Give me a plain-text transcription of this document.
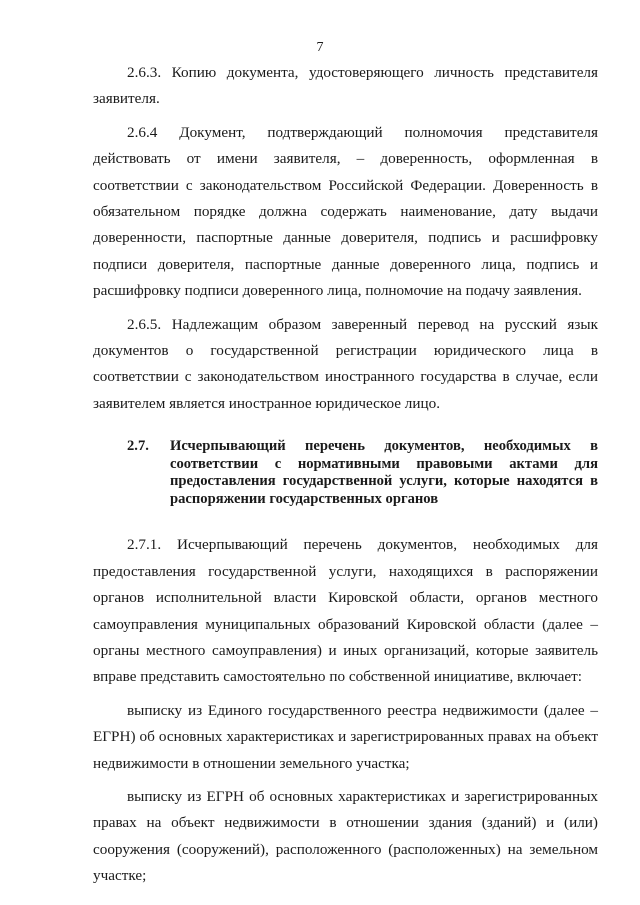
7

2.6.3. Копию документа, удостоверяющего личность представителя заявителя.

2.6.4 Документ, подтверждающий полномочия представителя действовать от имени заявителя, – доверенность, оформленная в соответствии с законодательством Российской Федерации. Доверенность в обязательном порядке должна содержать наименование, дату выдачи доверенности, паспортные данные доверителя, подпись и расшифровку подписи доверителя, паспортные данные доверенного лица, подпись и расшифровку подписи доверенного лица, полномочие на подачу заявления.

2.6.5. Надлежащим образом заверенный перевод на русский язык документов о государственной регистрации юридического лица в соответствии с законодательством иностранного государства в случае, если заявителем является иностранное юридическое лицо.

2.7.	Исчерпывающий перечень документов, необходимых в соответствии с нормативными правовыми актами для предоставления государственной услуги, которые находятся в распоряжении государственных органов

2.7.1. Исчерпывающий перечень документов, необходимых для предоставления государственной услуги, находящихся в распоряжении органов исполнительной власти Кировской области, органов местного самоуправления муниципальных образований Кировской области (далее – органы местного самоуправления) и иных организаций, которые заявитель вправе представить самостоятельно по собственной инициативе, включает:

выписку из Единого государственного реестра недвижимости (далее – ЕГРН) об основных характеристиках и зарегистрированных правах на объект недвижимости в отношении земельного участка;

выписку из ЕГРН об основных характеристиках и зарегистрированных правах на объект недвижимости в отношении здания (зданий) и (или) сооружения (сооружений), расположенного (расположенных) на земельном участке;
